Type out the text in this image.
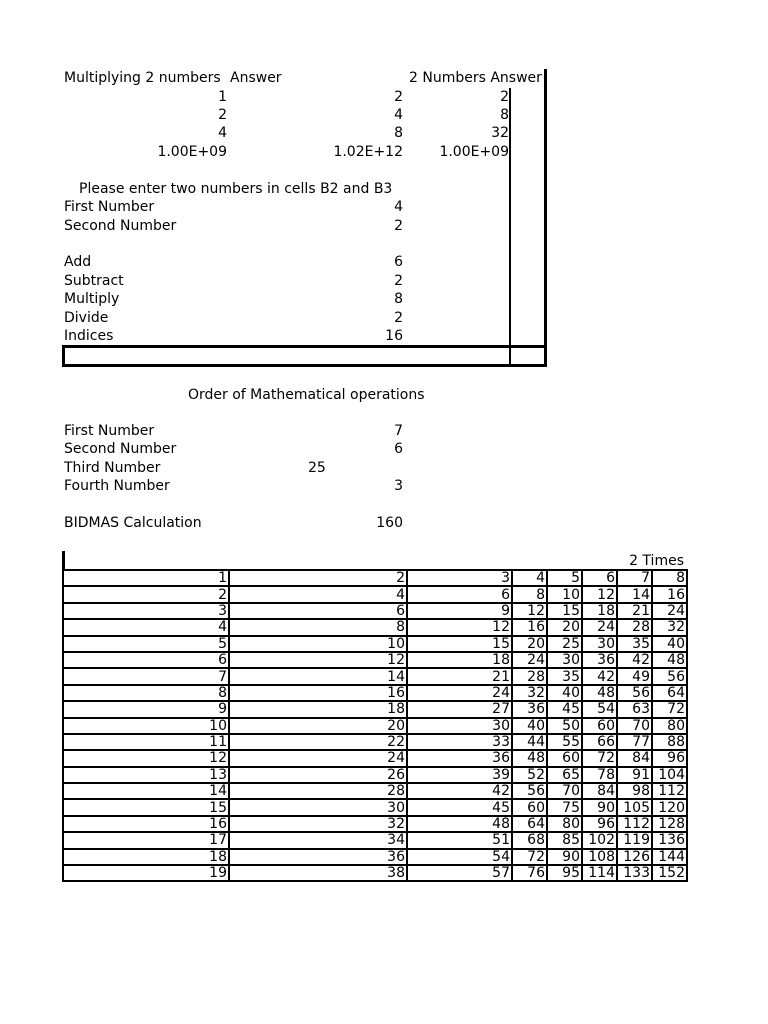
Multiplying 2 numbers Answer	2 Numbers Answer
1	2	2
2	4	8
4	8	32
1.00E+09	1.02E+12	1.00E+09
Please enter two numbers in cells B2 and B3
First Number	4
Second Number	2
Add	6
Subtract	2
Multiply	8
Divide	2
Indices	16
Order of Mathematical operations
First Number	7
Second Number	6
Third Number	25
Fourth Number	3
BIDMAS Calculation	160
2 Times
1	2	3	4	5	6	7	8
2	4	6	8	10	12	14	16
3	6	9	12	15	18	21	24
4	8	12	16	20	24	28	32
5	10	15	20	25	30	35	40
6	12	18	24	30	36	42	48
7	14	21	28	35	42	49	56
8	16	24	32	40	48	56	64
9	18	27	36	45	54	63	72
10	20	30	40	50	60	70	80
11	22	33	44	55	66	77	88
12	24	36	48	60	72	84	96
13	26	39	52	65	78	91	104
14	28	42	56	70	84	98	112
15	30	45	60	75	90	105	120
16	32	48	64	80	96	112	128
17	34	51	68	85	102	119	136
18	36	54	72	90	108	126	144
19	38	57	76	95	114	133	152
